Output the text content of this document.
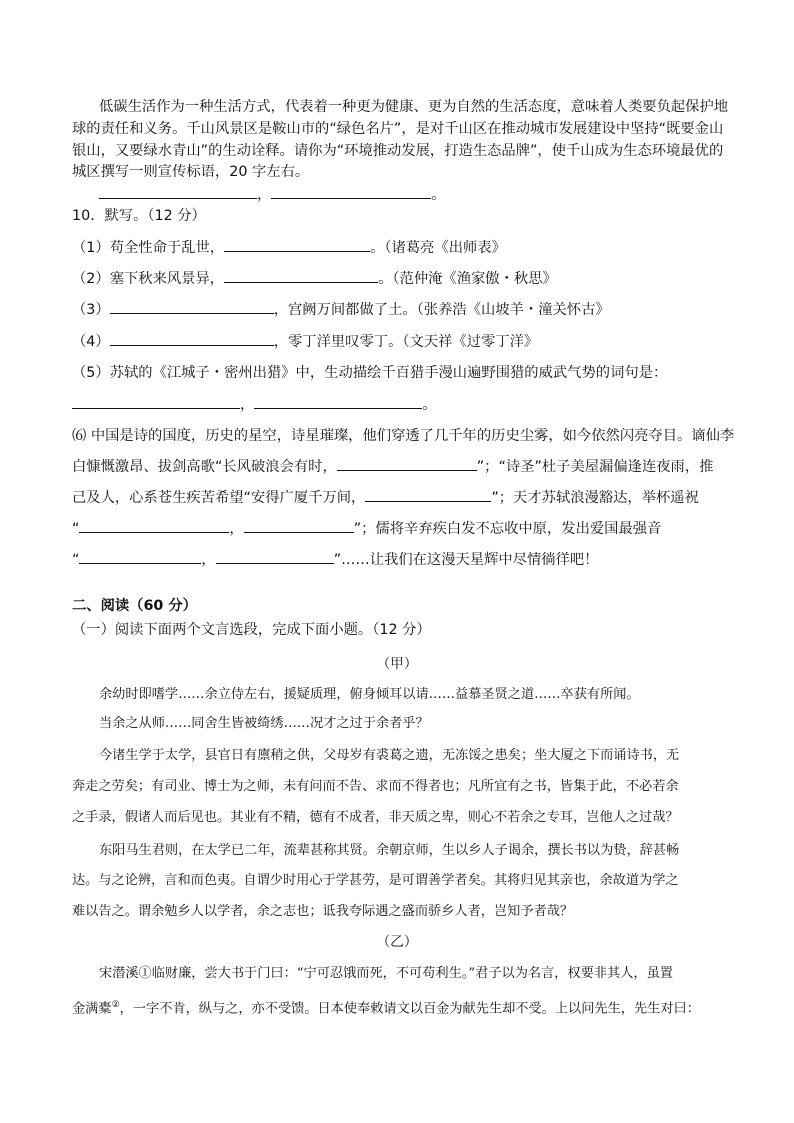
低碳生活作为一种生活方式，代表着一种更为健康、更为自然的生活态度，意味着人类要负起保护地
球的责任和义务。千山风景区是鞍山市的“绿色名片”，是对千山区在推动城市发展建设中坚持“既要金山
银山，又要绿水青山”的生动诠释。请你为“环境推动发展，打造生态品牌”，使千山成为生态环境最优的
城区撰写一则宣传标语，20 字左右。
，	。
10．默写。（12 分）
（1）苟全性命于乱世，	。（诸葛亮《出师表》
（2）塞下秋来风景异，	。（范仲淹《渔家傲・秋思》
（3）	，宫阙万间都做了土。（张养浩《山坡羊・潼关怀古》
（4）	，零丁洋里叹零丁。（文天祥《过零丁洋》
（5）苏轼的《江城子・密州出猎》中，生动描绘千百猎手漫山遍野围猎的威武气势的词句是：
，	。
⑹ 中国是诗的国度，历史的星空，诗星璀璨，他们穿透了几千年的历史尘雾，如今依然闪亮夺目。谪仙李
白慷慨激昂、拔剑高歌“长风破浪会有时，	”；“诗圣”杜子美屋漏偏逢连夜雨，推
己及人，心系苍生疾苦希望“安得广厦千万间，	”；天才苏轼浪漫豁达，举杯遥祝
“	，	”；儒将辛弃疾白发不忘收中原，发出爱国最强音
“	，	”……让我们在这漫天星辉中尽情徜徉吧！
二、阅读（60 分）
（一）阅读下面两个文言选段，完成下面小题。（12 分）
（甲）
余幼时即嗜学……余立侍左右，援疑质理，俯身倾耳以请……益慕圣贤之道……卒获有所闻。
当余之从师……同舍生皆被绮绣……况才之过于余者乎？
今诸生学于太学，县官日有廪稍之供，父母岁有裘葛之遗，无冻馁之患矣；坐大厦之下而诵诗书，无
奔走之劳矣；有司业、博士为之师，未有问而不告、求而不得者也；凡所宜有之书，皆集于此，不必若余
之手录，假诸人而后见也。其业有不精，德有不成者，非天质之卑，则心不若余之专耳，岂他人之过哉？
东阳马生君则，在太学已二年，流辈甚称其贤。余朝京师，生以乡人子谒余，撰长书以为贽，辞甚畅
达。与之论辨，言和而色夷。自谓少时用心于学甚劳，是可谓善学者矣。其将归见其亲也，余故道为学之
难以告之。谓余勉乡人以学者，余之志也；诋我夸际遇之盛而骄乡人者，岂知予者哉？
（乙）
宋潜溪①临财廉，尝大书于门曰：“宁可忍饿而死，不可苟利生。”君子以为名言，权要非其人，虽置
金满橐②，一字不肯，纵与之，亦不受馈。日本使奉敕请文以百金为献先生却不受。上以问先生，先生对曰：
